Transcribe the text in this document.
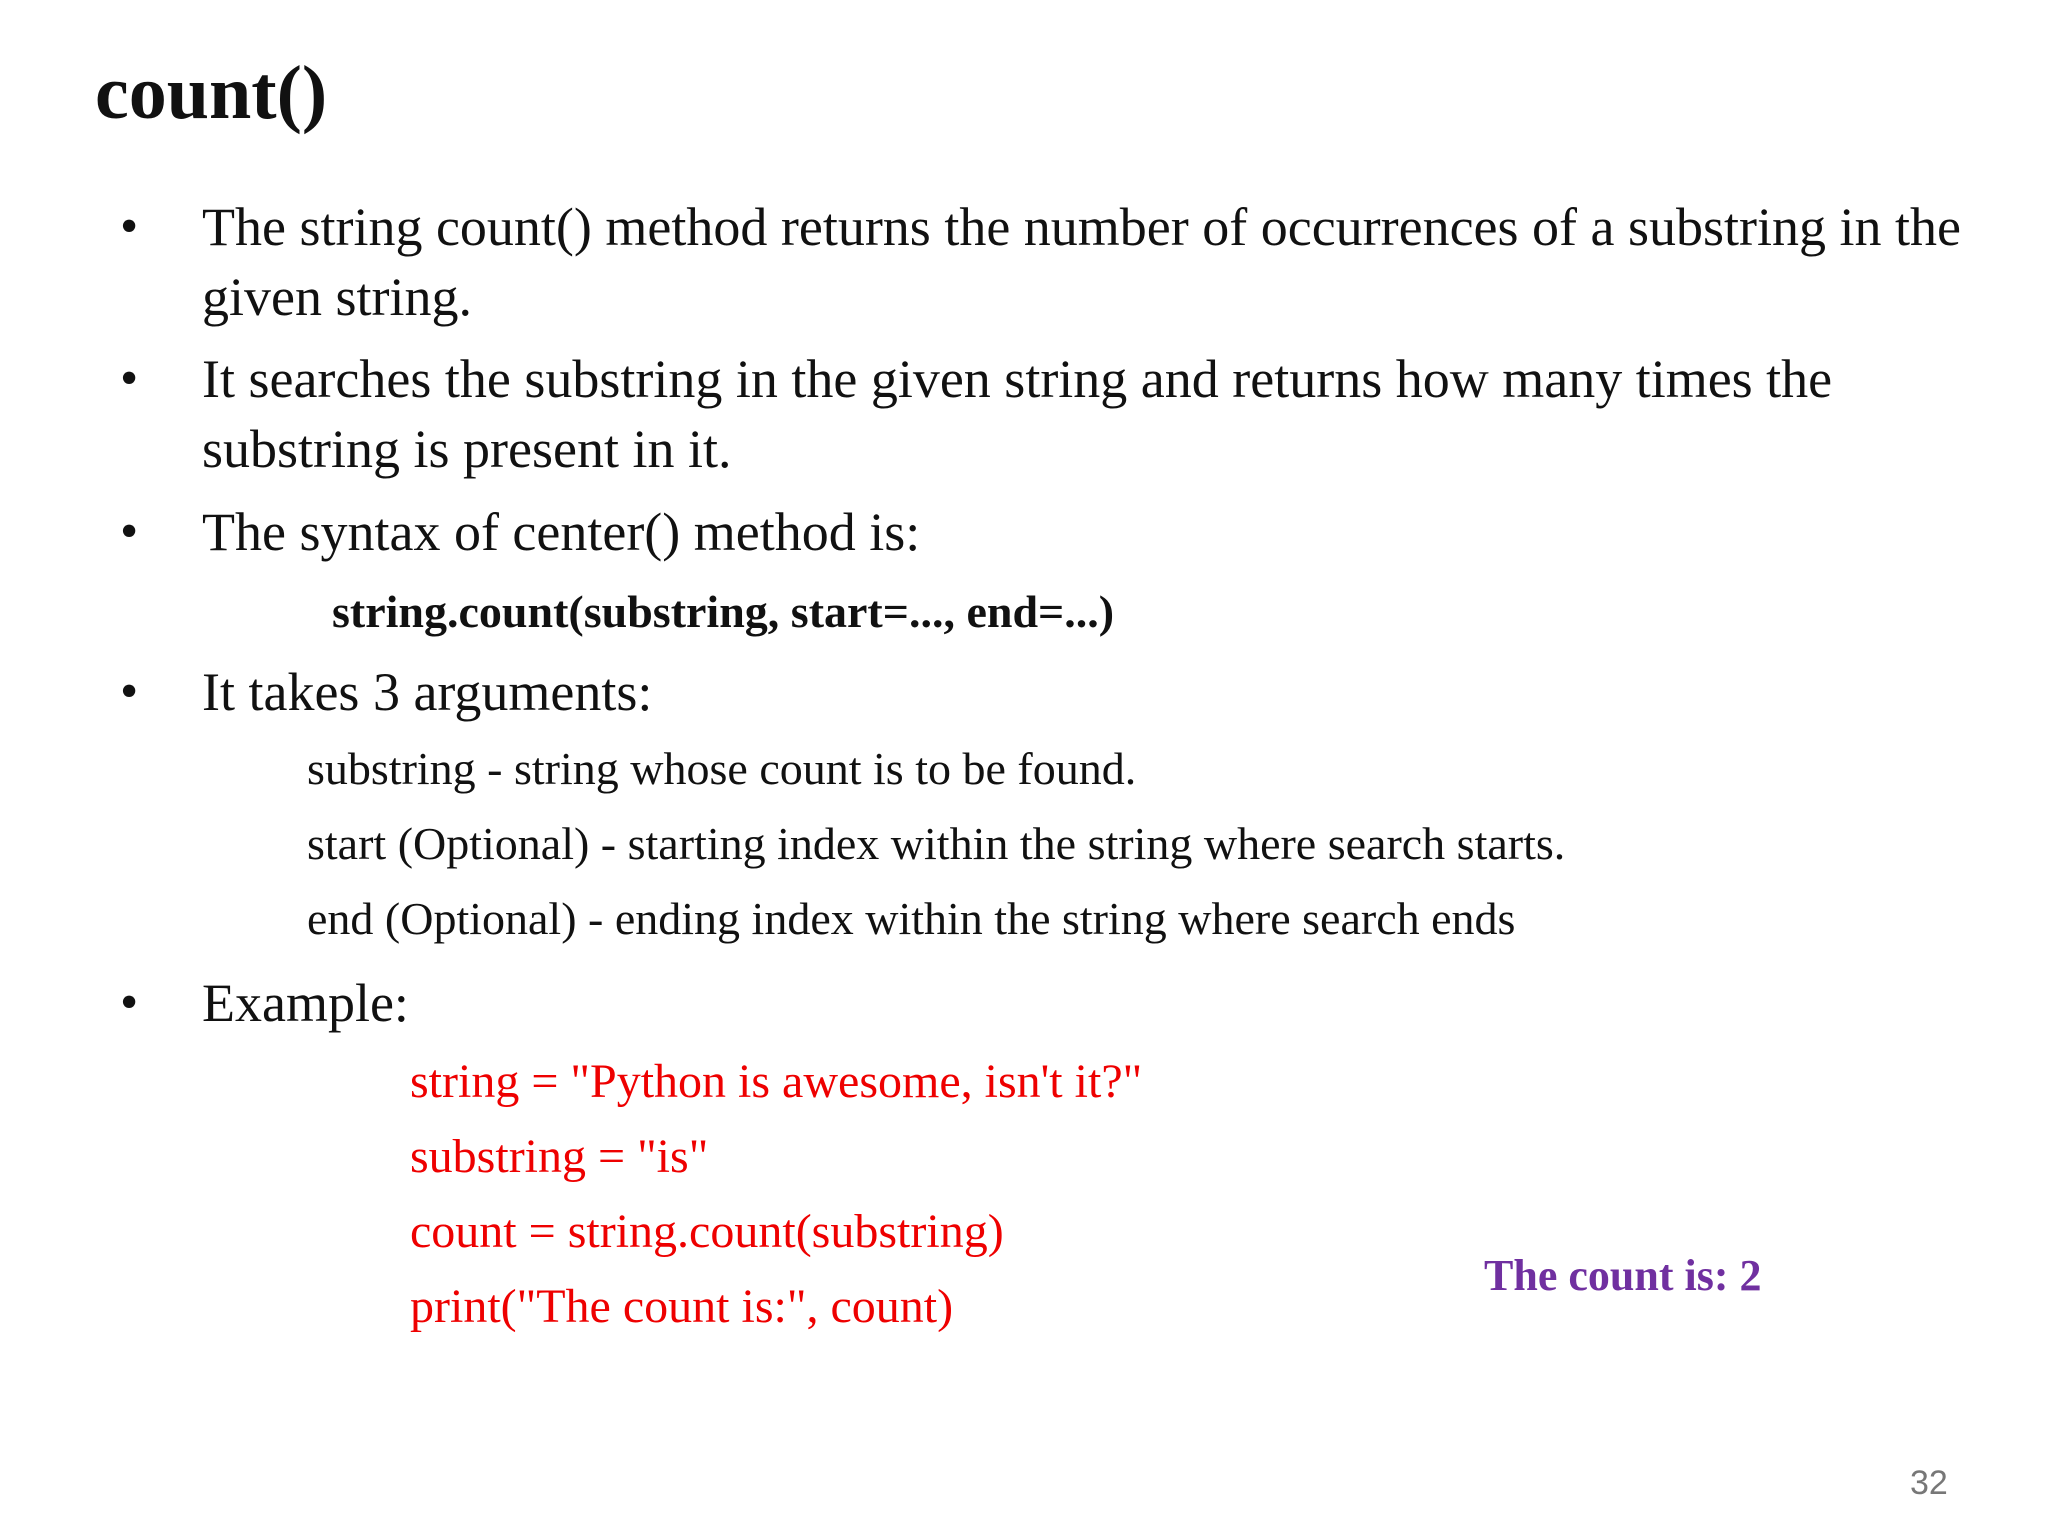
count()
• The string count() method returns the number of occurrences of a substring in the given string.
• It searches the substring in the given string and returns how many times the substring is present in it.
• The syntax of center() method is:
string.count(substring, start=..., end=...)
• It takes 3 arguments:
substring - string whose count is to be found.
start (Optional) - starting index within the string where search starts.
end (Optional) - ending index within the string where search ends
• Example:
string = "Python is awesome, isn't it?"
substring = "is"
count = string.count(substring)
print("The count is:", count)
The count is: 2
32
